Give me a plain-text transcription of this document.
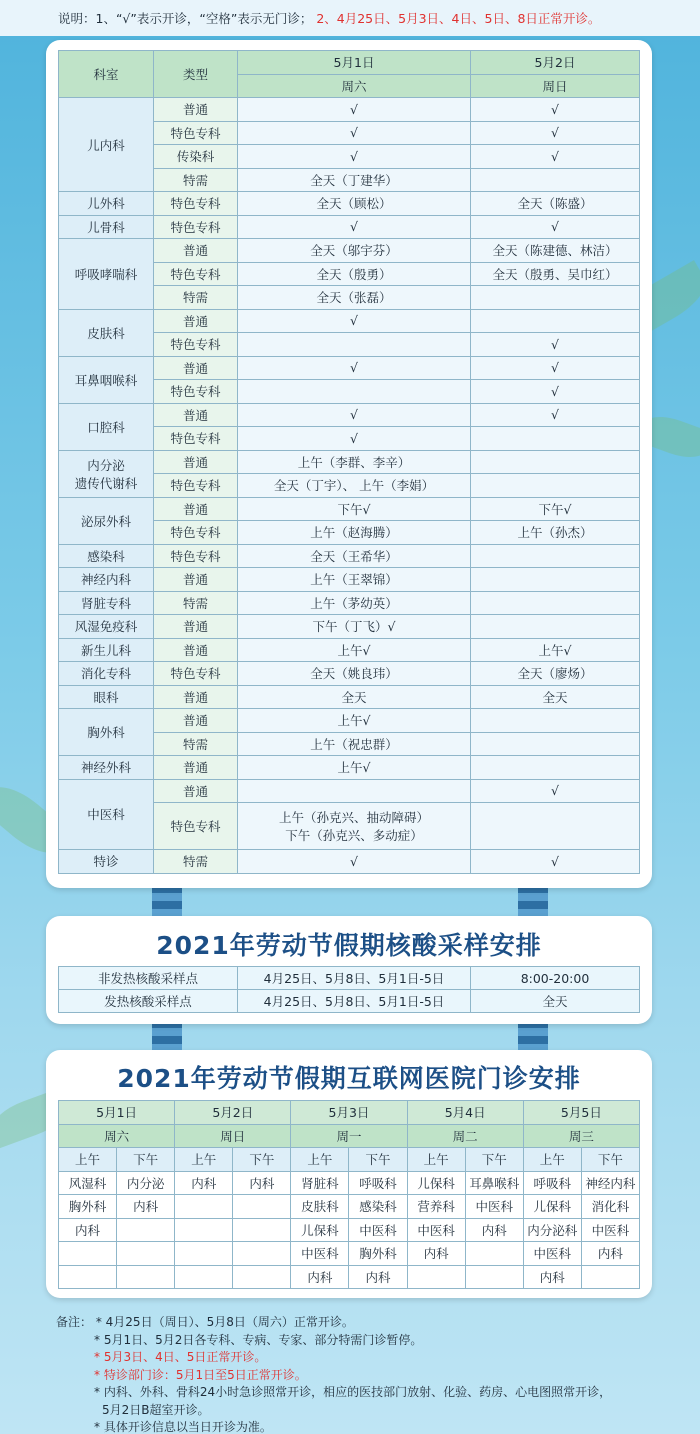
说明：1、“√”表示开诊，“空格”表示无门诊； 2、4月25日、5月3日、4日、5日、8日正常开诊。
科室	类型	5月1日	5月2日
		周六	周日
儿内科	普通	√	√
	特色专科	√	√
	传染科	√	√
	特需	全天（丁建华）	
儿外科	特色专科	全天（顾松）	全天（陈盛）
儿骨科	特色专科	√	√
呼吸哮喘科	普通	全天（邬宇芬）	全天（陈建德、林洁）
	特色专科	全天（殷勇）	全天（殷勇、吴巾红）
	特需	全天（张磊）	
皮肤科	普通	√	
	特色专科		√
耳鼻咽喉科	普通	√	√
	特色专科		√
口腔科	普通	√	√
	特色专科	√	
内分泌
遗传代谢科	普通	上午（李群、李辛）	
	特色专科	全天（丁宇）、 上午（李娟）	
泌尿外科	普通	下午√	下午√
	特色专科	上午（赵海腾）	上午（孙杰）
感染科	特色专科	全天（王希华）	
神经内科	普通	上午（王翠锦）	
肾脏专科	特需	上午（茅幼英）	
风湿免疫科	普通	下午（丁飞）√	
新生儿科	普通	上午√	上午√
消化专科	特色专科	全天（姚良玮）	全天（廖炀）
眼科	普通	全天	全天
胸外科	普通	上午√	
	特需	上午（祝忠群）	
神经外科	普通	上午√	
中医科	普通		√
	特色专科	上午（孙克兴、抽动障碍）
下午（孙克兴、多动症）	
特诊	特需	√	√
2021年劳动节假期核酸采样安排
非发热核酸采样点	4月25日、5月8日、5月1日-5日	8:00-20:00
发热核酸采样点	4月25日、5月8日、5月1日-5日	全天
2021年劳动节假期互联网医院门诊安排
5月1日		5月2日		5月3日		5月4日		5月5日	
周六		周日		周一		周二		周三	
上午	下午	上午	下午	上午	下午	上午	下午	上午	下午
风湿科	内分泌	内科	内科	肾脏科	呼吸科	儿保科	耳鼻喉科	呼吸科	神经内科
胸外科	内科			皮肤科	感染科	营养科	中医科	儿保科	消化科
内科				儿保科	中医科	中医科	内科	内分泌科	中医科
				中医科	胸外科	内科		中医科	内科
				内科	内科			内科	
备注： * 4月25日（周日）、5月8日（周六）正常开诊。
* 5月1日、5月2日各专科、专病、专家、部分特需门诊暂停。
* 5月3日、4日、5日正常开诊。
* 特诊部门诊：5月1日至5日正常开诊。
* 内科、外科、骨科24小时急诊照常开诊，相应的医技部门放射、化验、药房、心电图照常开诊，
5月2日B超室开诊。
* 具体开诊信息以当日开诊为准。
